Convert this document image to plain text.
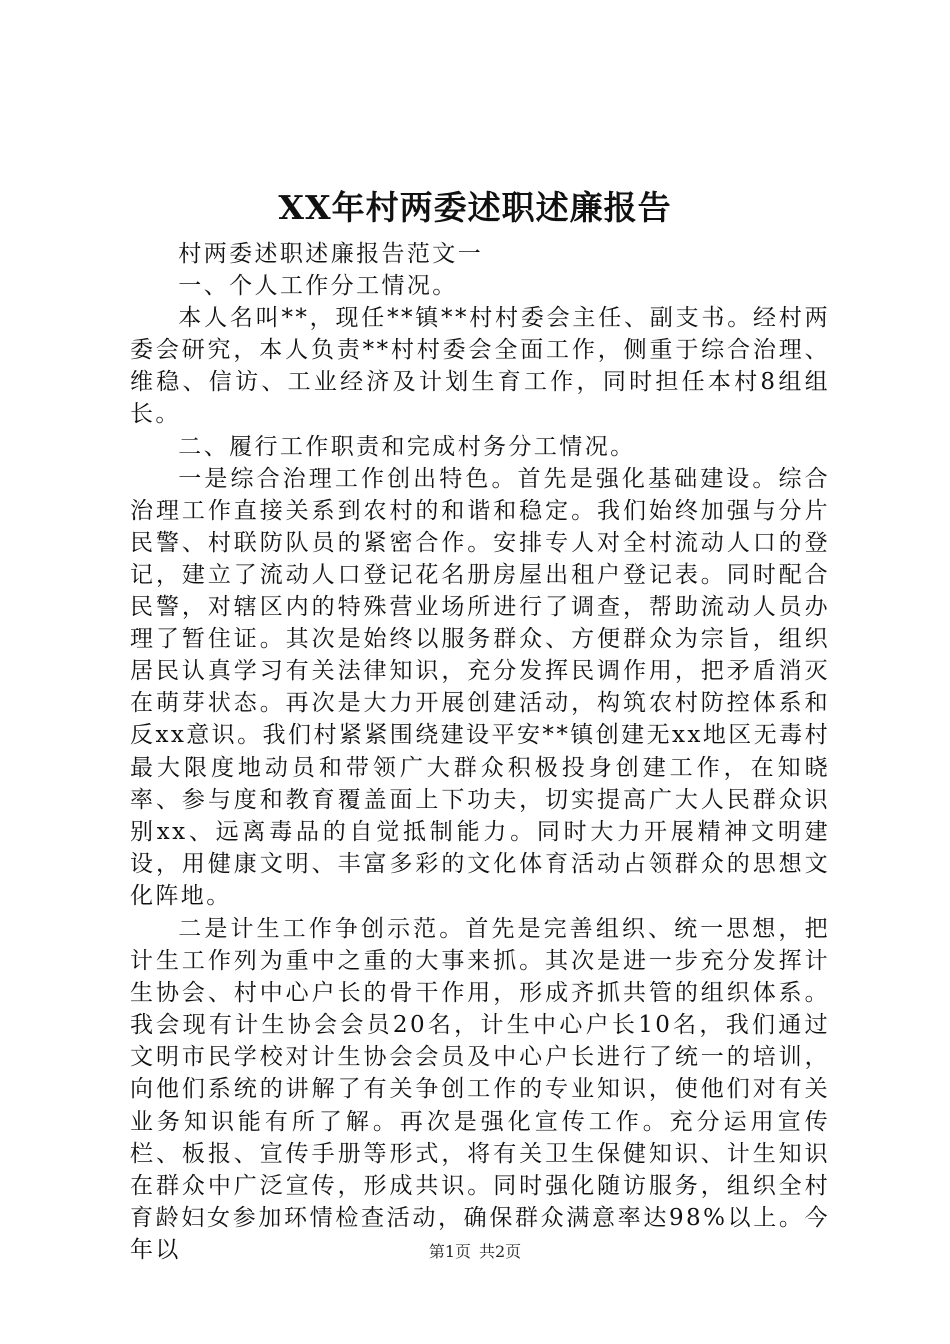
XX年村两委述职述廉报告

村两委述职述廉报告范文一

一、个人工作分工情况。

本人名叫**，现任**镇**村村委会主任、副支书。经村两委会研究，本人负责**村村委会全面工作，侧重于综合治理、维稳、信访、工业经济及计划生育工作，同时担任本村8组组长。

二、履行工作职责和完成村务分工情况。

一是综合治理工作创出特色。首先是强化基础建设。综合治理工作直接关系到农村的和谐和稳定。我们始终加强与分片民警、村联防队员的紧密合作。安排专人对全村流动人口的登记，建立了流动人口登记花名册房屋出租户登记表。同时配合民警，对辖区内的特殊营业场所进行了调查，帮助流动人员办理了暂住证。其次是始终以服务群众、方便群众为宗旨，组织居民认真学习有关法律知识，充分发挥民调作用，把矛盾消灭在萌芽状态。再次是大力开展创建活动，构筑农村防控体系和反xx意识。我们村紧紧围绕建设平安**镇创建无xx地区无毒村最大限度地动员和带领广大群众积极投身创建工作，在知晓率、参与度和教育覆盖面上下功夫，切实提高广大人民群众识别xx、远离毒品的自觉抵制能力。同时大力开展精神文明建设，用健康文明、丰富多彩的文化体育活动占领群众的思想文化阵地。

二是计生工作争创示范。首先是完善组织、统一思想，把计生工作列为重中之重的大事来抓。其次是进一步充分发挥计生协会、村中心户长的骨干作用，形成齐抓共管的组织体系。我会现有计生协会会员20名，计生中心户长10名，我们通过文明市民学校对计生协会会员及中心户长进行了统一的培训，向他们系统的讲解了有关争创工作的专业知识，使他们对有关业务知识能有所了解。再次是强化宣传工作。充分运用宣传栏、板报、宣传手册等形式，将有关卫生保健知识、计生知识在群众中广泛宣传，形成共识。同时强化随访服务，组织全村育龄妇女参加环情检查活动，确保群众满意率达98%以上。今年以	第1页 共2页
